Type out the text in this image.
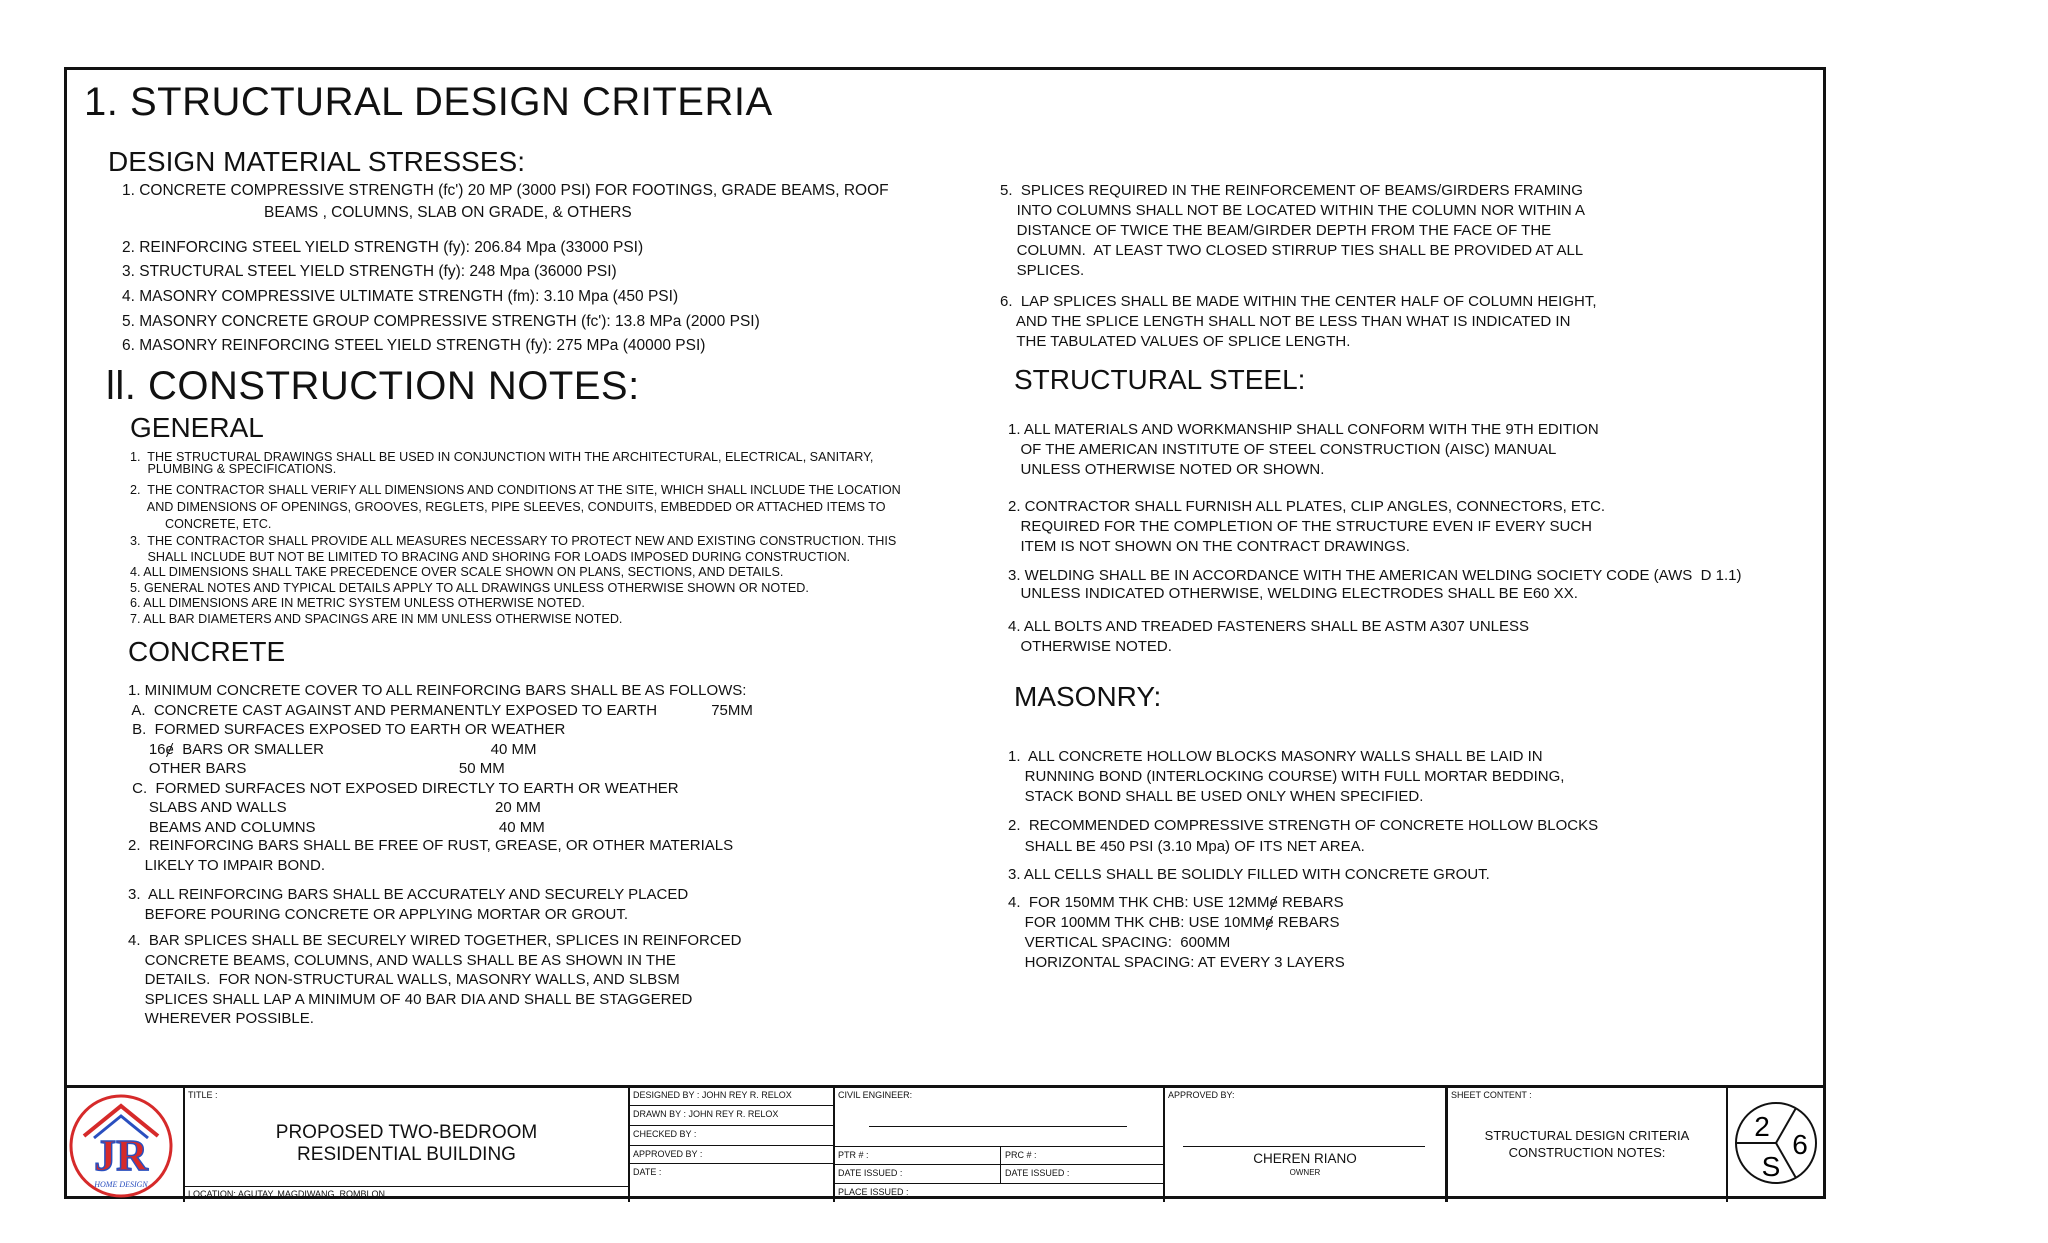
1. STRUCTURAL DESIGN CRITERIA
DESIGN MATERIAL STRESSES:
1. CONCRETE COMPRESSIVE STRENGTH (fc') 20 MP (3000 PSI) FOR FOOTINGS, GRADE BEAMS, ROOF
BEAMS , COLUMNS, SLAB ON GRADE, & OTHERS
2. REINFORCING STEEL YIELD STRENGTH (fy): 206.84 Mpa (33000 PSI)
3. STRUCTURAL STEEL YIELD STRENGTH (fy): 248 Mpa (36000 PSI)
4. MASONRY COMPRESSIVE ULTIMATE STRENGTH (fm): 3.10 Mpa (450 PSI)
5. MASONRY CONCRETE GROUP COMPRESSIVE STRENGTH (fc'): 13.8 MPa (2000 PSI)
6. MASONRY REINFORCING STEEL YIELD STRENGTH (fy): 275 MPa (40000 PSI)
ll. CONSTRUCTION NOTES:
GENERAL
1.  THE STRUCTURAL DRAWINGS SHALL BE USED IN CONJUNCTION WITH THE ARCHITECTURAL, ELECTRICAL, SANITARY,
PLUMBING & SPECIFICATIONS.
2.  THE CONTRACTOR SHALL VERIFY ALL DIMENSIONS AND CONDITIONS AT THE SITE, WHICH SHALL INCLUDE THE LOCATION
AND DIMENSIONS OF OPENINGS, GROOVES, REGLETS, PIPE SLEEVES, CONDUITS, EMBEDDED OR ATTACHED ITEMS TO
CONCRETE, ETC.
3.  THE CONTRACTOR SHALL PROVIDE ALL MEASURES NECESSARY TO PROTECT NEW AND EXISTING CONSTRUCTION. THIS
SHALL INCLUDE BUT NOT BE LIMITED TO BRACING AND SHORING FOR LOADS IMPOSED DURING CONSTRUCTION.
4. ALL DIMENSIONS SHALL TAKE PRECEDENCE OVER SCALE SHOWN ON PLANS, SECTIONS, AND DETAILS.
5. GENERAL NOTES AND TYPICAL DETAILS APPLY TO ALL DRAWINGS UNLESS OTHERWISE SHOWN OR NOTED.
6. ALL DIMENSIONS ARE IN METRIC SYSTEM UNLESS OTHERWISE NOTED.
7. ALL BAR DIAMETERS AND SPACINGS ARE IN MM UNLESS OTHERWISE NOTED.
CONCRETE
1. MINIMUM CONCRETE COVER TO ALL REINFORCING BARS SHALL BE AS FOLLOWS:
A.  CONCRETE CAST AGAINST AND PERMANENTLY EXPOSED TO EARTH             75MM
B.  FORMED SURFACES EXPOSED TO EARTH OR WEATHER
16ɇ  BARS OR SMALLER                                        40 MM
OTHER BARS                                                   50 MM
C.  FORMED SURFACES NOT EXPOSED DIRECTLY TO EARTH OR WEATHER
SLABS AND WALLS                                                  20 MM
BEAMS AND COLUMNS                                            40 MM
2.  REINFORCING BARS SHALL BE FREE OF RUST, GREASE, OR OTHER MATERIALS
LIKELY TO IMPAIR BOND.
3.  ALL REINFORCING BARS SHALL BE ACCURATELY AND SECURELY PLACED
BEFORE POURING CONCRETE OR APPLYING MORTAR OR GROUT.
4.  BAR SPLICES SHALL BE SECURELY WIRED TOGETHER, SPLICES IN REINFORCED
CONCRETE BEAMS, COLUMNS, AND WALLS SHALL BE AS SHOWN IN THE
DETAILS.  FOR NON-STRUCTURAL WALLS, MASONRY WALLS, AND SLBSM
SPLICES SHALL LAP A MINIMUM OF 40 BAR DIA AND SHALL BE STAGGERED
WHEREVER POSSIBLE.
5.  SPLICES REQUIRED IN THE REINFORCEMENT OF BEAMS/GIRDERS FRAMING
INTO COLUMNS SHALL NOT BE LOCATED WITHIN THE COLUMN NOR WITHIN A
DISTANCE OF TWICE THE BEAM/GIRDER DEPTH FROM THE FACE OF THE
COLUMN.  AT LEAST TWO CLOSED STIRRUP TIES SHALL BE PROVIDED AT ALL
SPLICES.
6.  LAP SPLICES SHALL BE MADE WITHIN THE CENTER HALF OF COLUMN HEIGHT,
AND THE SPLICE LENGTH SHALL NOT BE LESS THAN WHAT IS INDICATED IN
THE TABULATED VALUES OF SPLICE LENGTH.
STRUCTURAL STEEL:
1. ALL MATERIALS AND WORKMANSHIP SHALL CONFORM WITH THE 9TH EDITION
OF THE AMERICAN INSTITUTE OF STEEL CONSTRUCTION (AISC) MANUAL
UNLESS OTHERWISE NOTED OR SHOWN.
2. CONTRACTOR SHALL FURNISH ALL PLATES, CLIP ANGLES, CONNECTORS, ETC.
REQUIRED FOR THE COMPLETION OF THE STRUCTURE EVEN IF EVERY SUCH
ITEM IS NOT SHOWN ON THE CONTRACT DRAWINGS.
3. WELDING SHALL BE IN ACCORDANCE WITH THE AMERICAN WELDING SOCIETY CODE (AWS  D 1.1)
UNLESS INDICATED OTHERWISE, WELDING ELECTRODES SHALL BE E60 XX.
4. ALL BOLTS AND TREADED FASTENERS SHALL BE ASTM A307 UNLESS
OTHERWISE NOTED.
MASONRY:
1.  ALL CONCRETE HOLLOW BLOCKS MASONRY WALLS SHALL BE LAID IN
RUNNING BOND (INTERLOCKING COURSE) WITH FULL MORTAR BEDDING,
STACK BOND SHALL BE USED ONLY WHEN SPECIFIED.
2.  RECOMMENDED COMPRESSIVE STRENGTH OF CONCRETE HOLLOW BLOCKS
SHALL BE 450 PSI (3.10 Mpa) OF ITS NET AREA.
3. ALL CELLS SHALL BE SOLIDLY FILLED WITH CONCRETE GROUT.
4.  FOR 150MM THK CHB: USE 12MMɇ REBARS
FOR 100MM THK CHB: USE 10MMɇ REBARS
VERTICAL SPACING:  600MM
HORIZONTAL SPACING: AT EVERY 3 LAYERS
JR
HOME DESIGN
TITLE :
PROPOSED TWO-BEDROOM
RESIDENTIAL BUILDING
LOCATION: AGUTAY, MAGDIWANG, ROMBLON
DESIGNED BY : JOHN REY R. RELOX
DRAWN BY : JOHN REY R. RELOX
CHECKED BY :
APPROVED BY :
DATE :
CIVIL ENGINEER:
PTR # :	PRC # :
DATE ISSUED :	DATE ISSUED :
PLACE ISSUED :
APPROVED BY:
CHEREN RIANO
OWNER
SHEET CONTENT :
STRUCTURAL DESIGN CRITERIA
CONSTRUCTION NOTES:
2
6
S
